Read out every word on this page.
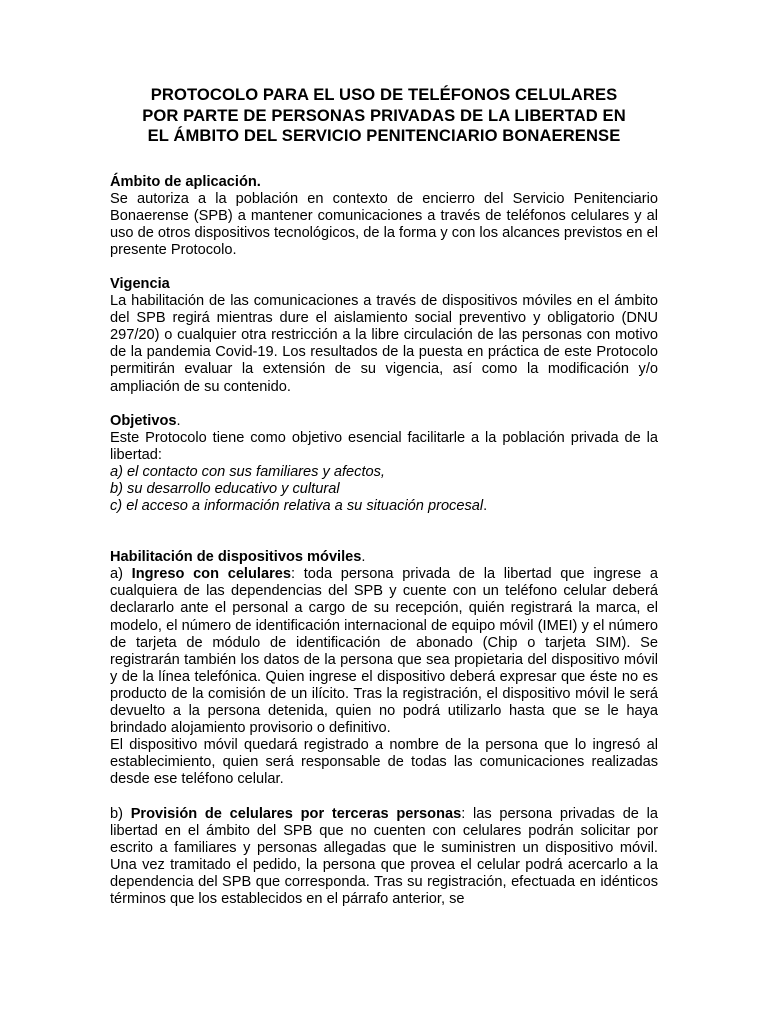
PROTOCOLO PARA EL USO DE TELÉFONOS CELULARES
POR PARTE DE PERSONAS PRIVADAS DE LA LIBERTAD EN
EL ÁMBITO DEL SERVICIO PENITENCIARIO BONAERENSE

Ámbito de aplicación.

Se autoriza a la población en contexto de encierro del Servicio Penitenciario Bonaerense (SPB) a mantener comunicaciones a través de teléfonos celulares y al uso de otros dispositivos tecnológicos, de la forma y con los alcances previstos en el presente Protocolo.

Vigencia

La habilitación de las comunicaciones a través de dispositivos móviles en el ámbito del SPB regirá mientras dure el aislamiento social preventivo y obligatorio (DNU 297/20) o cualquier otra restricción a la libre circulación de las personas con motivo de la pandemia Covid-19. Los resultados de la puesta en práctica de este Protocolo permitirán evaluar la extensión de su vigencia, así como la modificación y/o ampliación de su contenido.

Objetivos.

Este Protocolo tiene como objetivo esencial facilitarle a la población privada de la libertad:

a) el contacto con sus familiares y afectos,

b) su desarrollo educativo y cultural

c) el acceso a información relativa a su situación procesal.

Habilitación de dispositivos móviles.

a) Ingreso con celulares: toda persona privada de la libertad que ingrese a cualquiera de las dependencias del SPB y cuente con un teléfono celular deberá declararlo ante el personal a cargo de su recepción, quién registrará la marca, el modelo, el número de identificación internacional de equipo móvil (IMEI) y el número de tarjeta de módulo de identificación de abonado (Chip o tarjeta SIM). Se registrarán también los datos de la persona que sea propietaria del dispositivo móvil y de la línea telefónica. Quien ingrese el dispositivo deberá expresar que éste no es producto de la comisión de un ilícito. Tras la registración, el dispositivo móvil le será devuelto a la persona detenida, quien no podrá utilizarlo hasta que se le haya brindado alojamiento provisorio o definitivo.

El dispositivo móvil quedará registrado a nombre de la persona que lo ingresó al establecimiento, quien será responsable de todas las comunicaciones realizadas desde ese teléfono celular.

b) Provisión de celulares por terceras personas: las persona privadas de la libertad en el ámbito del SPB que no cuenten con celulares podrán solicitar por escrito a familiares y personas allegadas que le suministren un dispositivo móvil. Una vez tramitado el pedido, la persona que provea el celular podrá acercarlo a la dependencia del SPB que corresponda. Tras su registración, efectuada en idénticos términos que los establecidos en el párrafo anterior, se
